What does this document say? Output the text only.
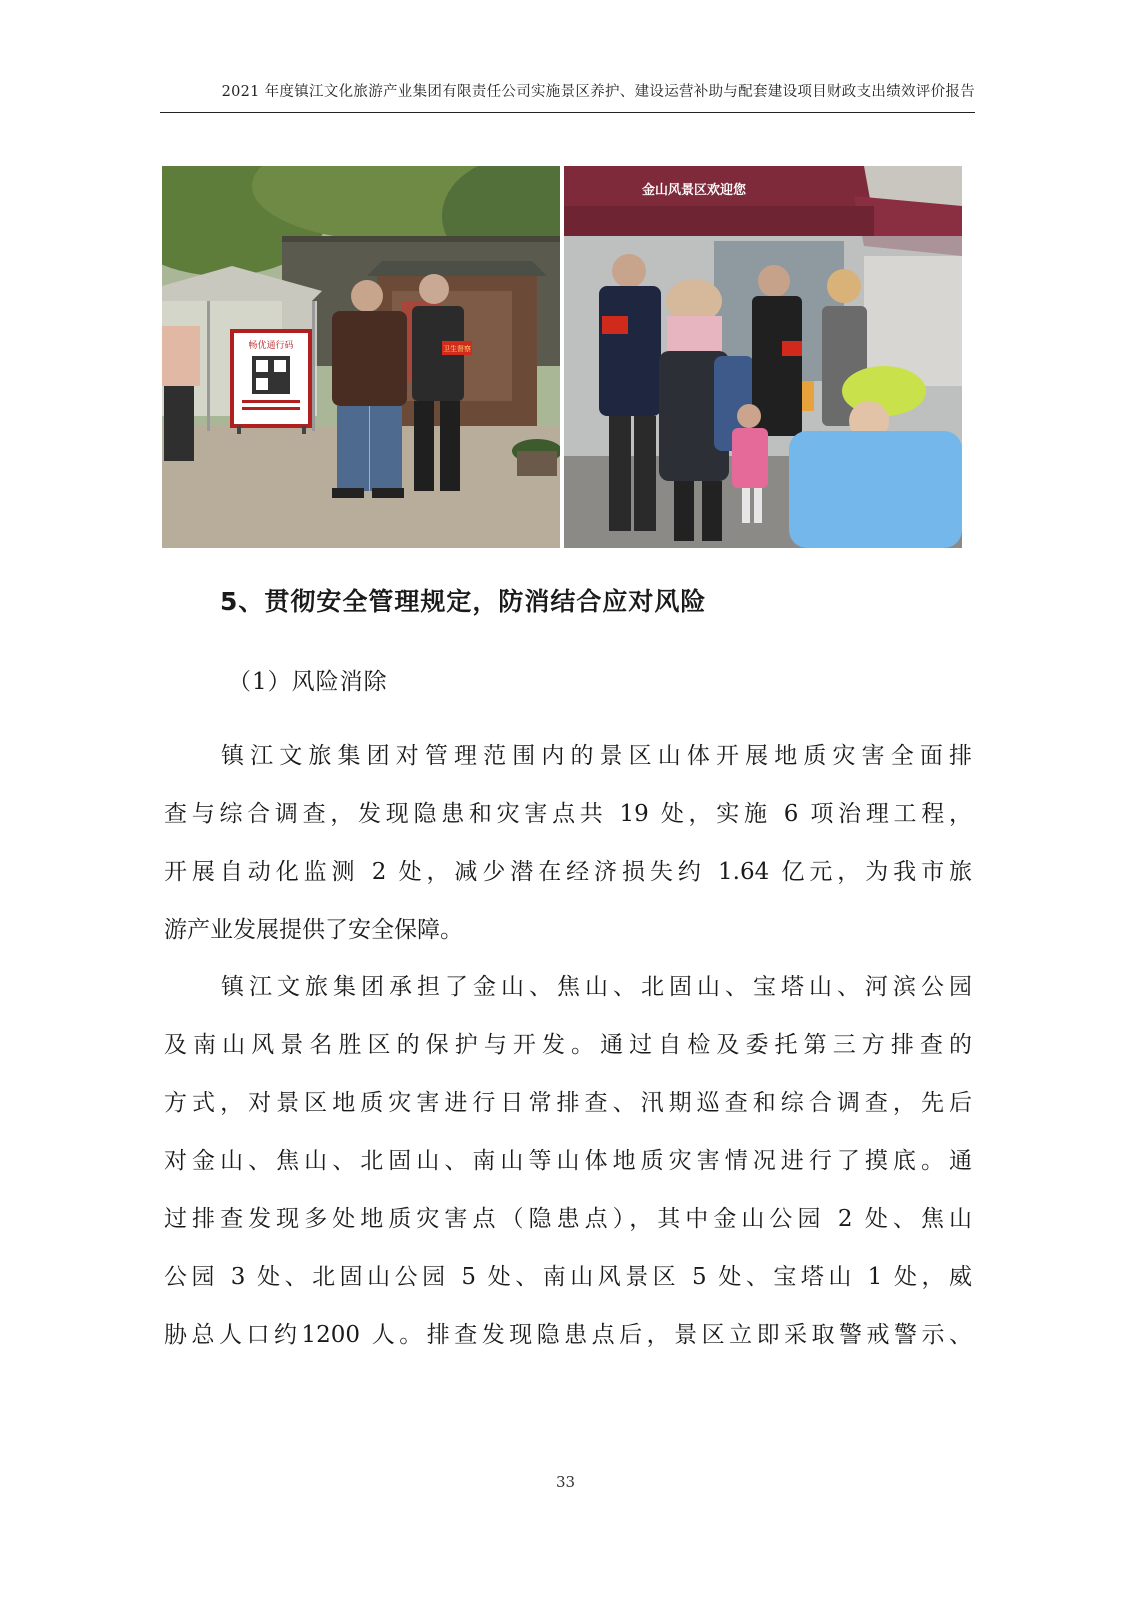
2021 年度镇江文化旅游产业集团有限责任公司实施景区养护、建设运营补助与配套建设项目财政支出绩效评价报告
畅优通行码	卫生督察
金山风景区欢迎您
5、贯彻安全管理规定，防消结合应对风险
（1）风险消除
镇江文旅集团对管理范围内的景区山体开展地质灾害全面排
查与综合调查，发现隐患和灾害点共 19 处，实施 6 项治理工程，
开展自动化监测 2 处，减少潜在经济损失约 1.64 亿元，为我市旅
游产业发展提供了安全保障。
镇江文旅集团承担了金山、焦山、北固山、宝塔山、河滨公园
及南山风景名胜区的保护与开发。通过自检及委托第三方排查的
方式，对景区地质灾害进行日常排查、汛期巡查和综合调查，先后
对金山、焦山、北固山、南山等山体地质灾害情况进行了摸底。通
过排查发现多处地质灾害点（隐患点），其中金山公园 2 处、焦山
公园 3 处、北固山公园 5 处、南山风景区 5 处、宝塔山 1 处，威
胁总人口约1200 人。排查发现隐患点后，景区立即采取警戒警示、
33
